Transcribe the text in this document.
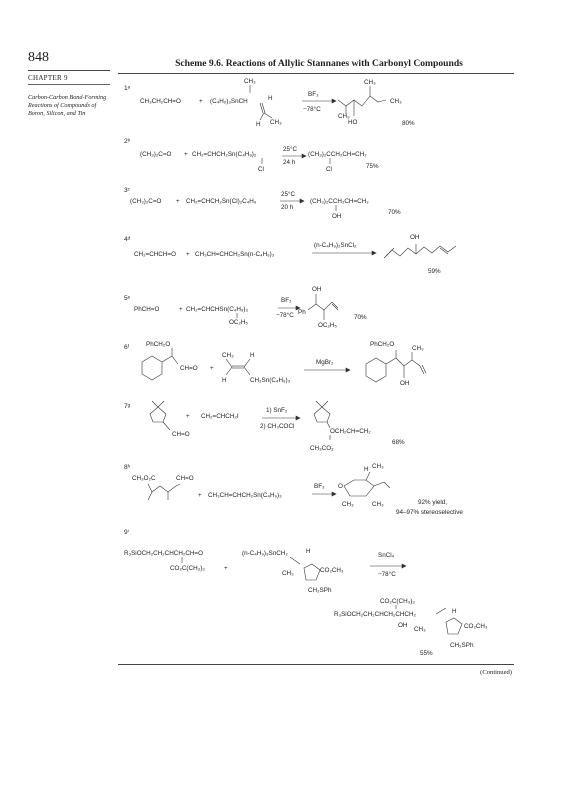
848
CHAPTER 9
Carbon-Carbon Bond-Forming Reactions of Compounds of Boron, Silicon, and Tin
Scheme 9.6. Reactions of Allylic Stannanes with Carbonyl Compounds
1ᵃ
CH₃CH₂CH=O	+ (C₄H₉)₃SnCH
CH₃
H
H CH₃
BF₃
−78°C
CH₃
CH₃
CH₃
HO	80%
2ᵇ
(CH₃)₂C=O + CH₂=CHCH₂Sn(C₄H₉)₂
Cl
25°C
24 h
(CH₃)₂CCH₂CH=CH₂
Cl	75%
3ᶜ
(CH₃)₂C=O + CH₂=CHCH₂Sn(Cl)₂C₄H₉
25°C
20 h
(CH₃)₂CCH₂CH=CH₂
OH
70%
4ᵈ
CH₂=CHCH=O + CH₃CH=CHCH₂Sn(n-C₄H₉)₃
(n-C₄H₉)₂SnCl₂
OH
59%
5ᵉ
PhCH=O	+ CH₂=CHCHSn(C₄H₉)₃
OC₂H₅
BF₃
−78°C Ph
OH
OC₂H₅
70%
6ᶠ	PhCH₂O
CH=O +
CH₃	H
H	CH₂Sn(C₄H₉)₃
MgBr₂
PhCH₂O
OH
CH₃
7ᵍ
CH=O
+ CH₂=CHCH₂I
1) SnF₂
2) CH₃COCl
OCH₂CH=CH₂
CH₃CO₂
68%
8ʰ
CH₃O₂C	CH=O
+ CH₃CH=CHCH₂Sn(C₄H₉)₃
BF₃ O
H CH₃
CH₃	CH₃	92% yield,
94–97% stereoselective
9ⁱ
R₃SiOCH₂CH₂CHCH₂CH=O
CO₂C(CH₃)₃	+
(n-C₄H₉)₃SnCH₂	H
CH₃	CO₂CH₃
CH₂SPh
SnCl₄
−78°C
CO₂C(CH₃)₃
R₃SiOCH₂CH₂CHCH₂CHCH₂	H
OH
CH₃	CO₂CH₃
CH₂SPh
55%
(Continued)
